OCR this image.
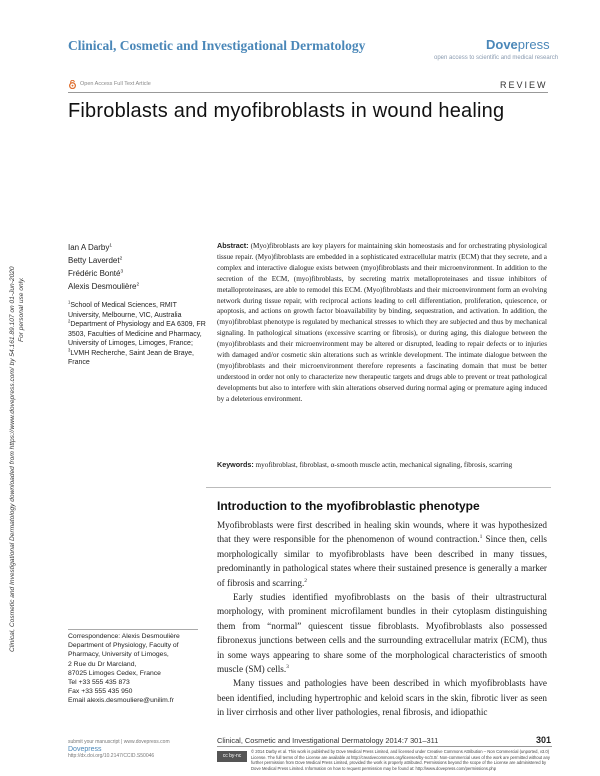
Clinical, Cosmetic and Investigational Dermatology	Dovepress
open access to scientific and medical research
Open Access Full Text Article	REVIEW
Fibroblasts and myofibroblasts in wound healing
Clinical, Cosmetic and Investigational Dermatology downloaded from https://www.dovepress.com/ by 54.161.89.107 on 01-Jun-2020 For personal use only.
Ian A Darby$^1$
Betty Laverdet$^2$
Frédéric Bonté$^3$
Alexis Desmoulière$^2$
$^1$School of Medical Sciences, RMIT University, Melbourne, VIC, Australia
$^2$Department of Physiology and EA 6309, FR 3503, Faculties of Medicine and Pharmacy, University of Limoges, Limoges, France; $^3$LVMH Recherche, Saint Jean de Braye, France
Correspondence: Alexis Desmoulière
Department of Physiology, Faculty of Pharmacy, University of Limoges,
2 Rue du Dr Marcland,
87025 Limoges Cedex, France
Tel +33 555 435 873
Fax +33 555 435 950
Email alexis.desmouliere@unilim.fr
Abstract: (Myo)fibroblasts are key players for maintaining skin homeostasis and for orchestrating physiological tissue repair. (Myo)fibroblasts are embedded in a sophisticated extracellular matrix (ECM) that they secrete, and a complex and interactive dialogue exists between (myo)fibroblasts and their microenvironment. In addition to the secretion of the ECM, (myo)fibroblasts, by secreting matrix metalloproteinases and tissue inhibitors of metalloproteinases, are able to remodel this ECM. (Myo)fibroblasts and their microenvironment form an evolving network during tissue repair, with reciprocal actions leading to cell differentiation, proliferation, quiescence, or apoptosis, and actions on growth factor bioavailability by binding, sequestration, and activation. In addition, the (myo)fibroblast phenotype is regulated by mechanical stresses to which they are subjected and thus by mechanical signaling. In pathological situations (excessive scarring or fibrosis), or during aging, this dialogue between the (myo)fibroblasts and their microenvironment may be altered or disrupted, leading to repair defects or to injuries with damaged and/or cosmetic skin alterations such as wrinkle development. The intimate dialogue between the (myo)fibroblasts and their microenvironment therefore represents a fascinating domain that must be better understood in order not only to characterize new therapeutic targets and drugs able to prevent or treat pathological developments but also to interfere with skin alterations observed during normal aging or premature aging induced by a deleterious environment.
Keywords: myofibroblast, fibroblast, α-smooth muscle actin, mechanical signaling, fibrosis, scarring
Introduction to the myofibroblastic phenotype

Myofibroblasts were first described in healing skin wounds, where it was hypothesized that they were responsible for the phenomenon of wound contraction.$^1$ Since then, cells morphologically similar to myofibroblasts have been described in many tissues, predominantly in pathological states where their sustained presence is generally a marker of fibrosis and scarring.$^2$

Early studies identified myofibroblasts on the basis of their ultrastructural morphology, with prominent microfilament bundles in their cytoplasm distinguishing them from “normal” quiescent tissue fibroblasts. Myofibroblasts also possessed fibronexus junctions between cells and the surrounding extracellular matrix (ECM), thus in some ways appearing to share some of the morphological characteristics of smooth muscle (SM) cells.$^3$

Many tissues and pathologies have been described in which myofibroblasts have been identified, including hypertrophic and keloid scars in the skin, fibrotic liver as seen in liver cirrhosis and other liver pathologies, renal fibrosis, and idiopathic

submit your manuscript | www.dovepress.com
Dovepress
http://dx.doi.org/10.2147/CCID.S50046
Clinical, Cosmetic and Investigational Dermatology 2014:7 301–311	301
cc by-nc
© 2014 Darby et al. This work is published by Dove Medical Press Limited, and licensed under Creative Commons Attribution – Non Commercial (unported, v3.0) License. The full terms of the License are available at http://creativecommons.org/licenses/by-nc/3.0/. Non-commercial uses of the work are permitted without any further permission from Dove Medical Press Limited, provided the work is properly attributed. Permissions beyond the scope of the License are administered by Dove Medical Press Limited. Information on how to request permission may be found at: http://www.dovepress.com/permissions.php
